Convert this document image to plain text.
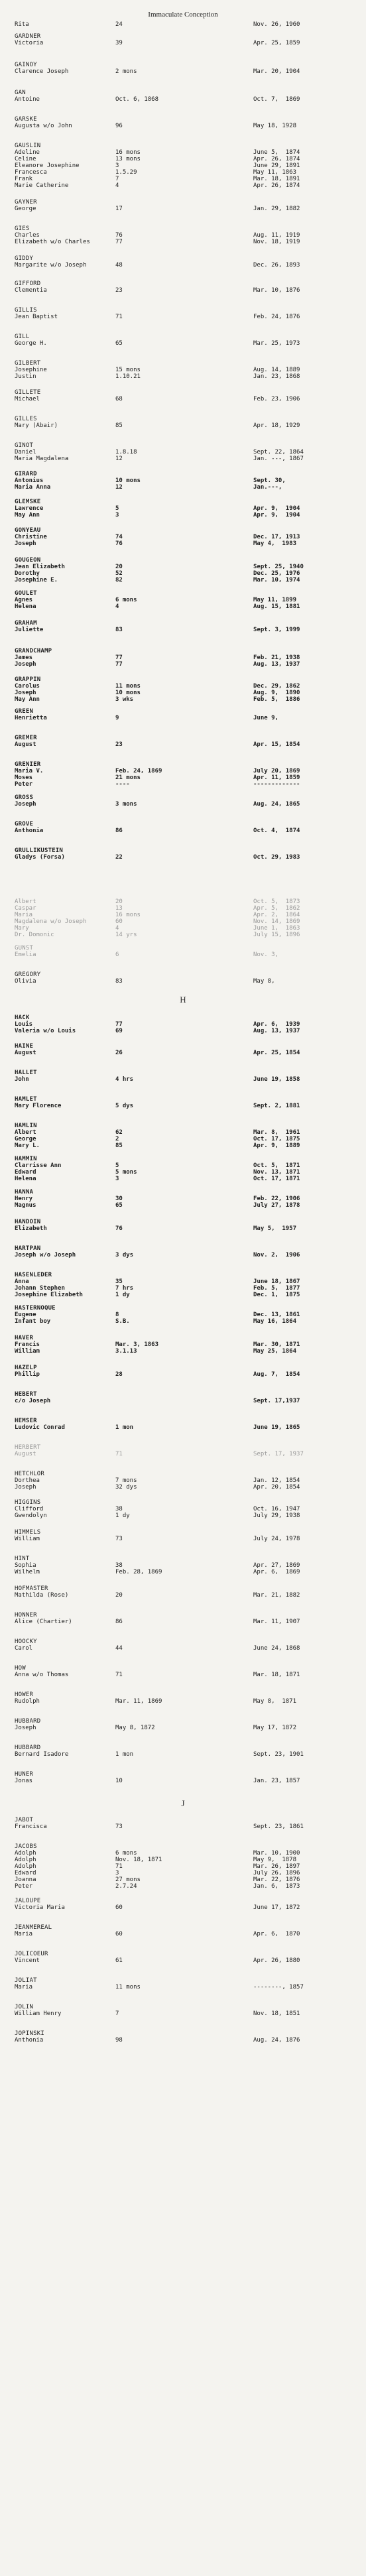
Immaculate Conception
H
J

Rita	24	Nov. 26, 1960
GARDNER
Victoria	39	Apr. 25, 1859
GAINOY
Clarence Joseph	2 mons	Mar. 20, 1904
GAN
Antoine	Oct. 6, 1868	Oct. 7,  1869
GARSKE
Augusta w/o John	96	May 18, 1928
GAUSLIN
Adeline	16 mons	June 5,  1874
Celine	13 mons	Apr. 26, 1874
Eleanore Josephine	3	June 29, 1891
Francesca	1.5.29	May 11, 1863
Frank	7	Mar. 18, 1891
Marie Catherine	4	Apr. 26, 1874
GAYNER
George	17	Jan. 29, 1882
GIES
Charles	76	Aug. 11, 1919
Elizabeth w/o Charles	77	Nov. 18, 1919
GIDDY
Margarite w/o Joseph	48	Dec. 26, 1893
GIFFORD
Clementia	23	Mar. 10, 1876
GILLIS
Jean Baptist	71	Feb. 24, 1876
GILL
George H.	65	Mar. 25, 1973
GILBERT
Josephine	15 mons	Aug. 14, 1889
Justin	1.10.21	Jan. 23, 1868
GILLETE
Michael	68	Feb. 23, 1906
GILLES
Mary (Abair)	85	Apr. 18, 1929
GINOT
Daniel	1.8.18	Sept. 22, 1864
Maria Magdalena	12	Jan. ---, 1867
GIRARD
Antonius	10 mons	Sept. 30,
Maria Anna	12	Jan.---,
GLEMSKE
Lawrence	5	Apr. 9,  1904
May Ann	3	Apr. 9,  1904
GONYEAU
Christine	74	Dec. 17, 1913
Joseph	76	May 4,  1983
GOUGEON
Jean Elizabeth	20	Sept. 25, 1940
Dorothy	52	Dec. 25, 1976
Josephine E.	82	Mar. 10, 1974
GOULET
Agnes	6 mons	May 11, 1899
Helena	4	Aug. 15, 1881
GRAHAM
Juliette	83	Sept. 3, 1999
GRANDCHAMP
James	77	Feb. 21, 1938
Joseph	77	Aug. 13, 1937
GRAPPIN
Carolus	11 mons	Dec. 29, 1862
Joseph	10 mons	Aug. 9,  1890
May Ann	3 wks	Feb. 5,  1886
GREEN
Henrietta	9	June 9,
GREMER
August	23	Apr. 15, 1854
GRENIER
Maria V.	Feb. 24, 1869	July 20, 1869
Moses	21 mons	Apr. 11, 1859
Peter	----	-------------
GROSS
Joseph	3 mons	Aug. 24, 1865
GROVE
Anthonia	86	Oct. 4,  1874
GRULLIKUSTEIN
Gladys (Forsa)	22	Oct. 29, 1983

Albert	20	Oct. 5,  1873
Caspar	13	Apr. 5,  1862
Maria	16 mons	Apr. 2,  1864
Magdalena w/o Joseph	60	Nov. 14, 1869
Mary	4	June 1,  1863
Dr. Domonic	14 yrs	July 15, 1896
GUNST
Emelia	6	Nov. 3,
GREGORY
Olivia	83	May 8,
HACK
Louis	77	Apr. 6,  1939
Valeria w/o Louis	69	Aug. 13, 1937
HAINE
August	26	Apr. 25, 1854
HALLET
John	4 hrs	June 19, 1858
HAMLET
Mary Florence	5 dys	Sept. 2, 1881
HAMLIN
Albert	62	Mar. 8,  1961
George	2	Oct. 17, 1875
Mary L.	85	Apr. 9,  1889
HAMMIN
Clarrisse Ann	5	Oct. 5,  1871
Edward	5 mons	Nov. 13, 1871
Helena	3	Oct. 17, 1871
HANNA
Henry	30	Feb. 22, 1906
Magnus	65	July 27, 1878
HANDOIN
Elizabeth	76	May 5,  1957
HARTPAN
Joseph w/o Joseph	3 dys	Nov. 2,  1906
HASENLEDER
Anna	35	June 18, 1867
Johann Stephen	7 hrs	Feb. 5,  1877
Josephine Elizabeth	1 dy	Dec. 1,  1875
HASTERNOQUE
Eugene	8	Dec. 13, 1861
Infant boy	S.B.	May 16, 1864
HAVER
Francis	Mar. 3, 1863	Mar. 30, 1871
William	3.1.13	May 25, 1864
HAZELP
Phillip	28	Aug. 7,  1854
HEBERT
c/o Joseph	Sept. 17,1937
HEMSER
Ludovic Conrad	1 mon	June 19, 1865
HERBERT
August	71	Sept. 17, 1937
HETCHLOR
Dorthea	7 mons	Jan. 12, 1854
Joseph	32 dys	Apr. 20, 1854
HIGGINS
Clifford	38	Oct. 16, 1947
Gwendolyn	1 dy	July 29, 1938
HIMMELS
William	73	July 24, 1978
HINT
Sophia	38	Apr. 27, 1869
Wilhelm	Feb. 28, 1869	Apr. 6,  1869
HOFMASTER
Mathilda (Rose)	20	Mar. 21, 1882
HONNER
Alice (Chartier)	86	Mar. 11, 1907
HOOCKY
Carol	44	June 24, 1868
HOW
Anna w/o Thomas	71	Mar. 18, 1871
HOWER
Rudolph	Mar. 11, 1869	May 8,  1871
HUBBARD
Joseph	May 8, 1872	May 17, 1872
HUBBARD
Bernard Isadore	1 mon	Sept. 23, 1901
HUNER
Jonas	10	Jan. 23, 1857
JABOT
Francisca	73	Sept. 23, 1861
JACOBS
Adolph	6 mons	Mar. 10, 1900
Adolph	Nov. 18, 1871	May 9,  1878
Adolph	71	Mar. 26, 1897
Edward	3	July 26, 1896
Joanna	27 mons	Mar. 22, 1876
Peter	2.7.24	Jan. 6,  1873
JALOUPE
Victoria Maria	60	June 17, 1872
JEANMEREAL
Maria	60	Apr. 6,  1870
JOLICOEUR
Vincent	61	Apr. 26, 1880
JOLIAT
Maria	11 mons	--------, 1857
JOLIN
William Henry	7	Nov. 18, 1851
JOPINSKI
Anthonia	98	Aug. 24, 1876
